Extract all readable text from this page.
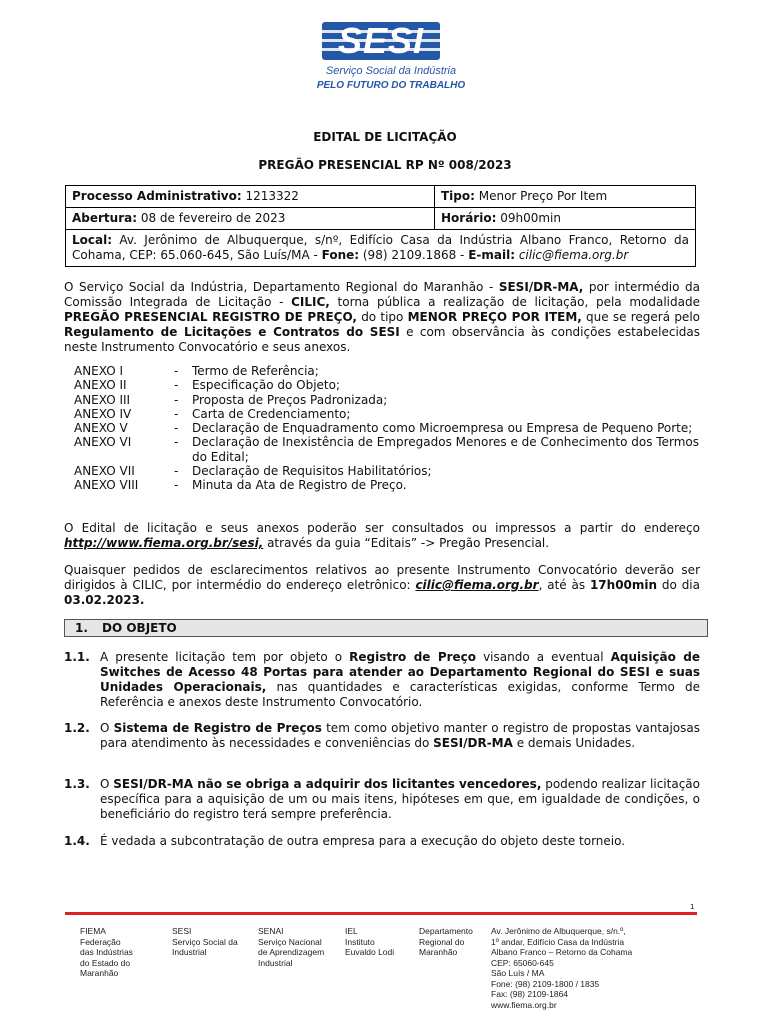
SESI
Serviço Social da Indústria
PELO FUTURO DO TRABALHO
EDITAL DE LICITAÇÃO
PREGÃO PRESENCIAL RP Nº 008/2023
Processo Administrativo: 1213322	Tipo: Menor Preço Por Item
Abertura: 08 de fevereiro de 2023	Horário: 09h00min
Local: Av. Jerônimo de Albuquerque, s/nº, Edifício Casa da Indústria Albano Franco, Retorno da Cohama, CEP: 65.060-645, São Luís/MA - Fone: (98) 2109.1868 - E-mail: cilic@fiema.org.br	
O Serviço Social da Indústria, Departamento Regional do Maranhão - SESI/DR-MA, por intermédio da Comissão Integrada de Licitação - CILIC, torna pública a realização de licitação, pela modalidade PREGÃO PRESENCIAL REGISTRO DE PREÇO, do tipo MENOR PREÇO POR ITEM, que se regerá pelo Regulamento de Licitações e Contratos do SESI e com observância às condições estabelecidas neste Instrumento Convocatório e seus anexos.
ANEXO I	-	Termo de Referência;
ANEXO II	-	Especificação do Objeto;
ANEXO III	-	Proposta de Preços Padronizada;
ANEXO IV	-	Carta de Credenciamento;
ANEXO V	-	Declaração de Enquadramento como Microempresa ou Empresa de Pequeno Porte;
ANEXO VI	-	Declaração de Inexistência de Empregados Menores e de Conhecimento dos Termos do Edital;
ANEXO VII	-	Declaração de Requisitos Habilitatórios;
ANEXO VIII	-	Minuta da Ata de Registro de Preço.
O Edital de licitação e seus anexos poderão ser consultados ou impressos a partir do endereço http://www.fiema.org.br/sesi, através da guia “Editais” -> Pregão Presencial.
Quaisquer pedidos de esclarecimentos relativos ao presente Instrumento Convocatório deverão ser dirigidos à CILIC, por intermédio do endereço eletrônico: cilic@fiema.org.br, até às 17h00min do dia 03.02.2023.
1. DO OBJETO
1.1. A presente licitação tem por objeto o Registro de Preço visando a eventual Aquisição de Switches de Acesso 48 Portas para atender ao Departamento Regional do SESI e suas Unidades Operacionais, nas quantidades e características exigidas, conforme Termo de Referência e anexos deste Instrumento Convocatório.
1.2. O Sistema de Registro de Preços tem como objetivo manter o registro de propostas vantajosas para atendimento às necessidades e conveniências do SESI/DR-MA e demais Unidades.
1.3. O SESI/DR-MA não se obriga a adquirir dos licitantes vencedores, podendo realizar licitação específica para a aquisição de um ou mais itens, hipóteses em que, em igualdade de condições, o beneficiário do registro terá sempre preferência.
1.4. É vedada a subcontratação de outra empresa para a execução do objeto deste torneio.
1
FIEMA
Federação
das Indústrias
do Estado do
Maranhão
SESI
Serviço Social da
Industrial
SENAI
Serviço Nacional
de Aprendizagem
Industrial
IEL
Instituto
Euvaldo Lodi
Departamento
Regional do
Maranhão
Av. Jerônimo de Albuquerque, s/n.º,
1º andar, Edifício Casa da Indústria
Albano Franco – Retorno da Cohama
CEP: 65060-645
São Luís / MA
Fone: (98) 2109-1800 / 1835
Fax: (98) 2109-1864
www.fiema.org.br
